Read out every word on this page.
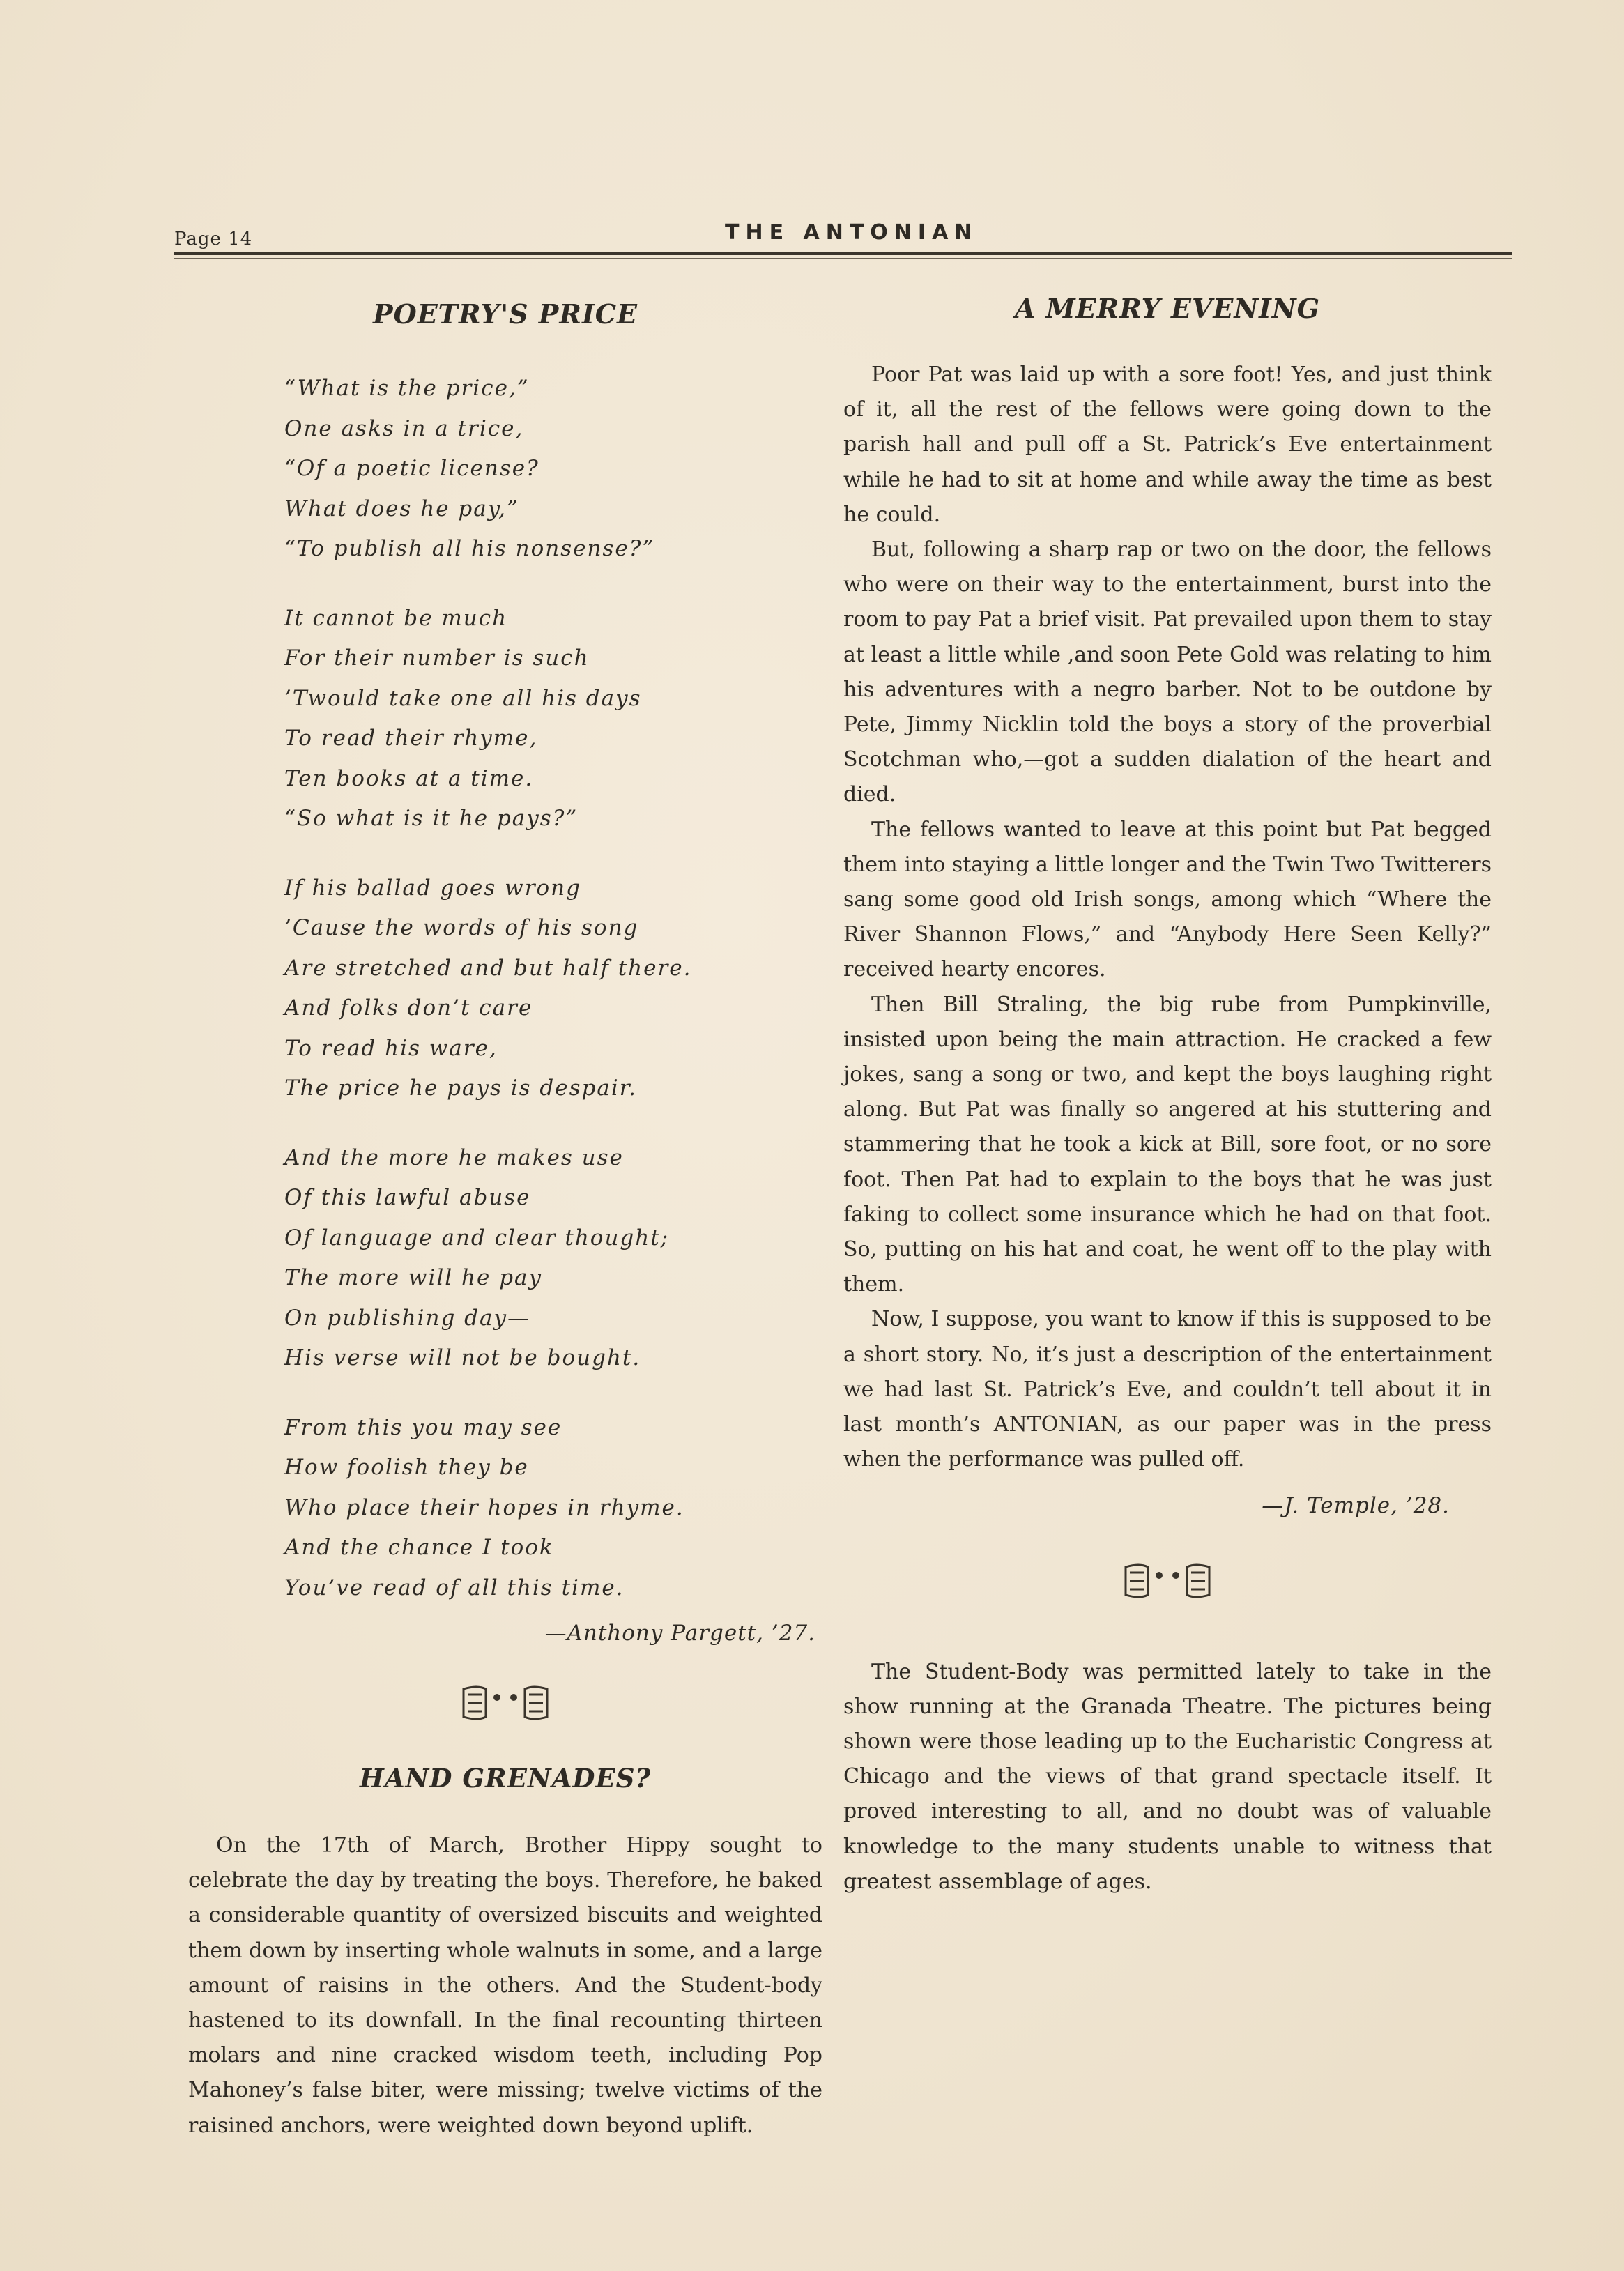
Page 14	THE ANTONIAN
POETRY'S PRICE
“What is the price,”
One asks in a trice,
“Of a poetic license?
What does he pay,”
“To publish all his nonsense?”
It cannot be much
For their number is such
’Twould take one all his days
To read their rhyme,
Ten books at a time.
“So what is it he pays?”
If his ballad goes wrong
’Cause the words of his song
Are stretched and but half there.
And folks don’t care
To read his ware,
The price he pays is despair.
And the more he makes use
Of this lawful abuse
Of language and clear thought;
The more will he pay
On publishing day—
His verse will not be bought.
From this you may see
How foolish they be
Who place their hopes in rhyme.
And the chance I took
You’ve read of all this time.
—Anthony Pargett, ’27.
HAND GRENADES?

On the 17th of March, Brother Hippy sought to celebrate the day by treating the boys. Therefore, he baked a considerable quantity of oversized biscuits and weighted them down by inserting whole walnuts in some, and a large amount of raisins in the others. And the Student-body hastened to its downfall. In the final recounting thirteen molars and nine cracked wisdom teeth, including Pop Mahoney’s false biter, were missing; twelve victims of the raisined anchors, were weighted down beyond uplift.

A MERRY EVENING

Poor Pat was laid up with a sore foot! Yes, and just think of it, all the rest of the fellows were going down to the parish hall and pull off a St. Patrick’s Eve entertainment while he had to sit at home and while away the time as best he could.

But, following a sharp rap or two on the door, the fellows who were on their way to the entertainment, burst into the room to pay Pat a brief visit. Pat prevailed upon them to stay at least a little while ,and soon Pete Gold was relating to him his adventures with a negro barber. Not to be outdone by Pete, Jimmy Nicklin told the boys a story of the proverbial Scotchman who,—got a sudden dialation of the heart and died.

The fellows wanted to leave at this point but Pat begged them into staying a little longer and the Twin Two Twitterers sang some good old Irish songs, among which “Where the River Shannon Flows,” and “Anybody Here Seen Kelly?” received hearty encores.

Then Bill Straling, the big rube from Pumpkinville, insisted upon being the main attraction. He cracked a few jokes, sang a song or two, and kept the boys laughing right along. But Pat was finally so angered at his stuttering and stammering that he took a kick at Bill, sore foot, or no sore foot. Then Pat had to explain to the boys that he was just faking to collect some insurance which he had on that foot. So, putting on his hat and coat, he went off to the play with them.

Now, I suppose, you want to know if this is supposed to be a short story. No, it’s just a description of the entertainment we had last St. Patrick’s Eve, and couldn’t tell about it in last month’s ANTONIAN, as our paper was in the press when the performance was pulled off.

—J. Temple, ’28.

The Student-Body was permitted lately to take in the show running at the Granada Theatre. The pictures being shown were those leading up to the Eucharistic Congress at Chicago and the views of that grand spectacle itself. It proved interesting to all, and no doubt was of valuable knowledge to the many students unable to witness that greatest assemblage of ages.
